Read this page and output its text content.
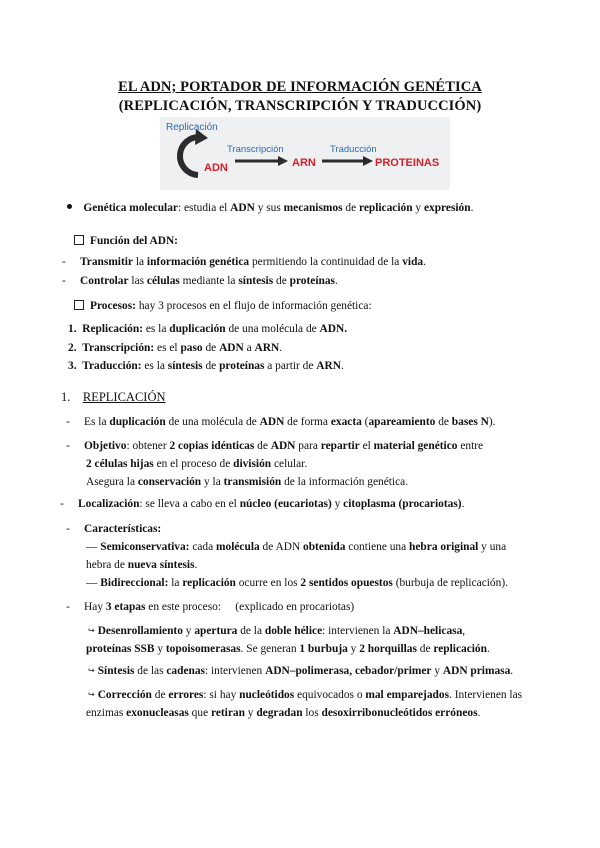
EL ADN; PORTADOR DE INFORMACIÓN GENÉTICA
(REPLICACIÓN, TRANSCRIPCIÓN Y TRADUCCIÓN)
Replicación
Transcripción	Traducción
ADN	ARN	PROTEINAS
Genética molecular: estudia el ADN y sus mecanismos de replicación y expresión.
Función del ADN:
-     Transmitir la información genética permitiendo la continuidad de la vida.
-     Controlar las células mediante la síntesis de proteínas.
Procesos: hay 3 procesos en el flujo de información genética:
1. Replicación: es la duplicación de una molécula de ADN.
2. Transcripción: es el paso de ADN a ARN.
3. Traducción: es la síntesis de proteínas a partir de ARN.
1. REPLICACIÓN
-     Es la duplicación de una molécula de ADN de forma exacta (apareamiento de bases N).
-     Objetivo: obtener 2 copias idénticas de ADN para repartir el material genético entre
2 células hijas en el proceso de división celular.
Asegura la conservación y la transmisión de la información genética.
-     Localización: se lleva a cabo en el núcleo (eucariotas) y citoplasma (procariotas).
-     Características:
— Semiconservativa: cada molécula de ADN obtenida contiene una hebra original y una
hebra de nueva síntesis.
— Bidireccional: la replicación ocurre en los 2 sentidos opuestos (burbuja de replicación).
-     Hay 3 etapas en este proceso: (explicado en procariotas)
↪ Desenrollamiento y apertura de la doble hélice: intervienen la ADN–helicasa,
proteínas SSB y topoisomerasas. Se generan 1 burbuja y 2 horquillas de replicación.
↪ Síntesis de las cadenas: intervienen ADN–polimerasa, cebador/primer y ADN primasa.
↪ Corrección de errores: si hay nucleótidos equivocados o mal emparejados. Intervienen las
enzimas exonucleasas que retiran y degradan los desoxirribonucleótidos erróneos.
